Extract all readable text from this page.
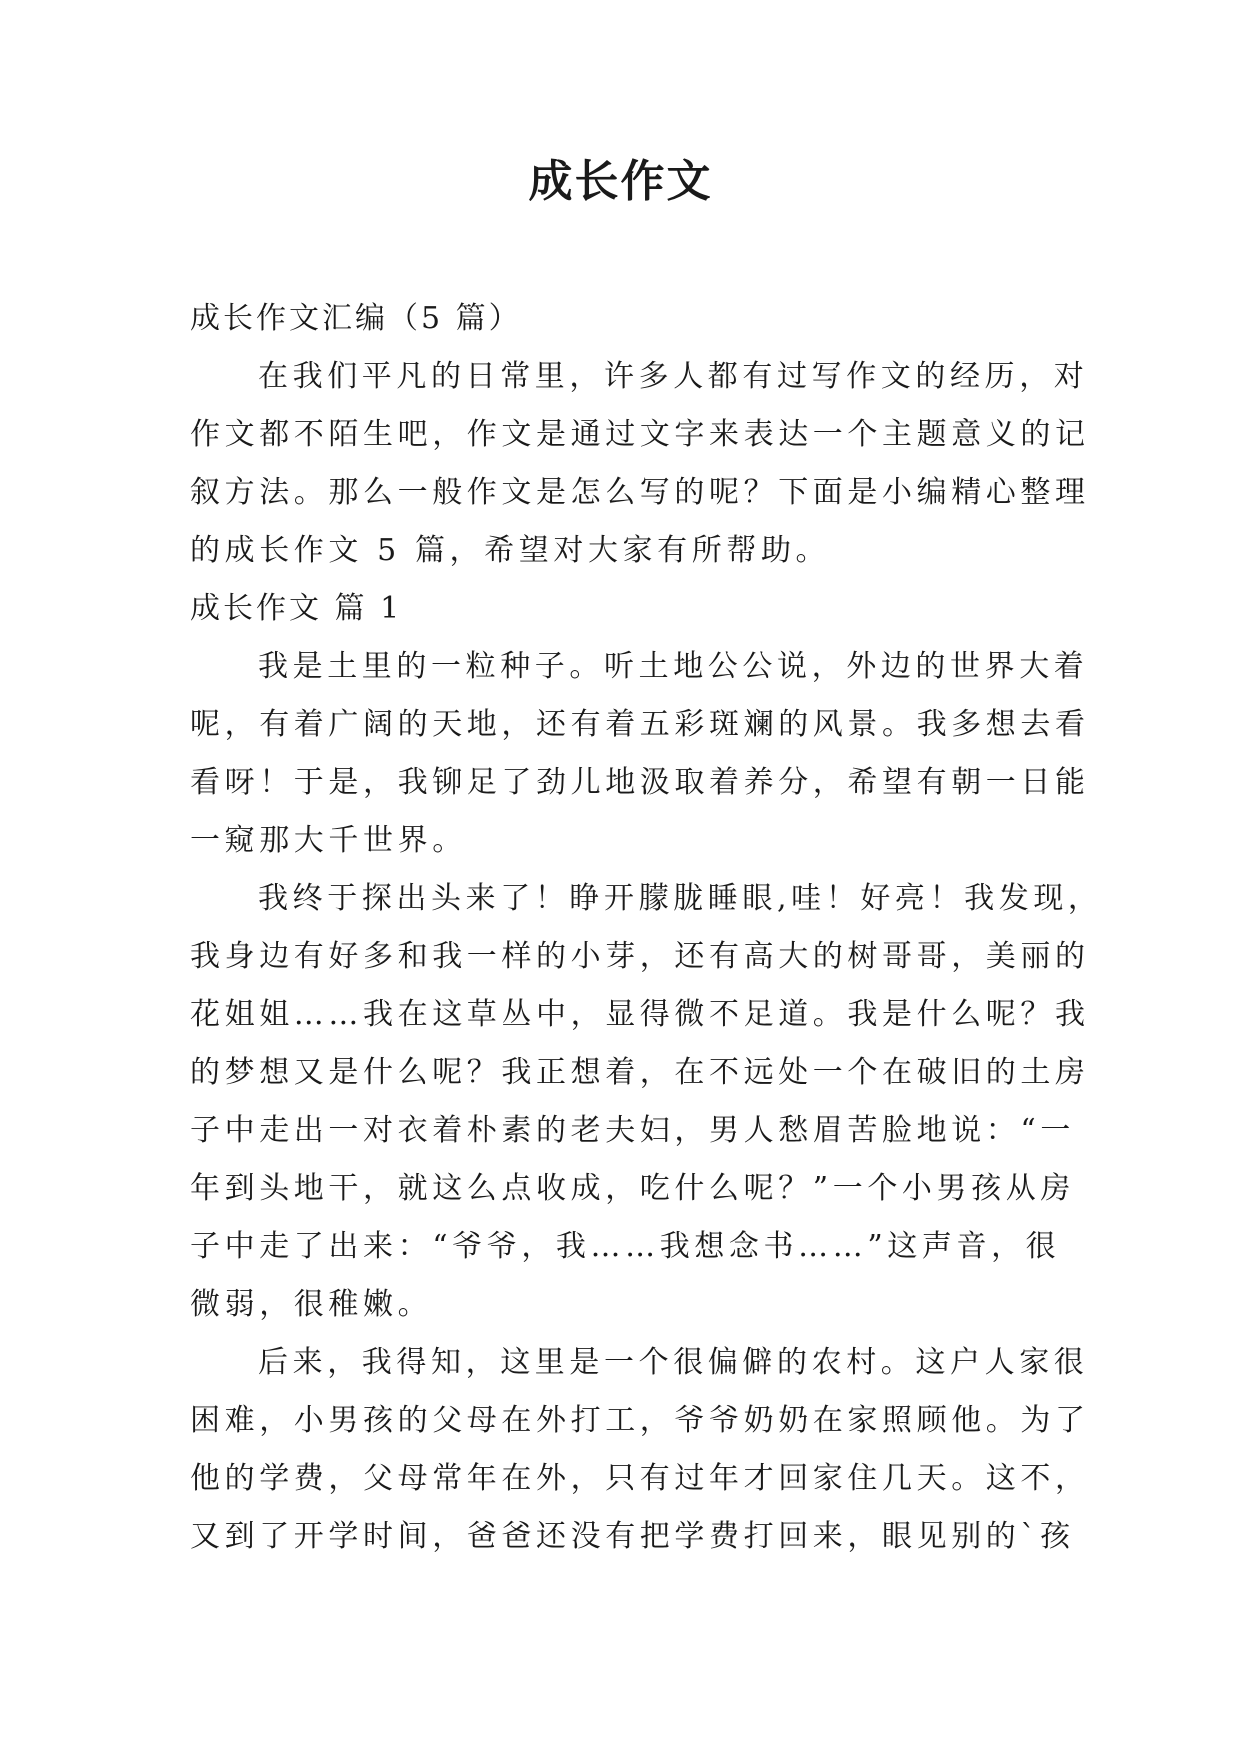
成长作文

成长作文汇编（5 篇）

在我们平凡的日常里，许多人都有过写作文的经历，对

作文都不陌生吧，作文是通过文字来表达一个主题意义的记

叙方法。那么一般作文是怎么写的呢？下面是小编精心整理

的成长作文 5 篇，希望对大家有所帮助。

成长作文 篇 1

我是土里的一粒种子。听土地公公说，外边的世界大着

呢，有着广阔的天地，还有着五彩斑斓的风景。我多想去看

看呀！于是，我铆足了劲儿地汲取着养分，希望有朝一日能

一窥那大千世界。

我终于探出头来了！睁开朦胧睡眼,哇！好亮！我发现，

我身边有好多和我一样的小芽，还有高大的树哥哥，美丽的

花姐姐……我在这草丛中，显得微不足道。我是什么呢？我

的梦想又是什么呢？我正想着，在不远处一个在破旧的土房

子中走出一对衣着朴素的老夫妇，男人愁眉苦脸地说：“一

年到头地干，就这么点收成，吃什么呢？”一个小男孩从房

子中走了出来：“爷爷，我……我想念书……”这声音，很

微弱，很稚嫩。

后来，我得知，这里是一个很偏僻的农村。这户人家很

困难，小男孩的父母在外打工，爷爷奶奶在家照顾他。为了

他的学费，父母常年在外，只有过年才回家住几天。这不，

又到了开学时间，爸爸还没有把学费打回来，眼见别的`孩
